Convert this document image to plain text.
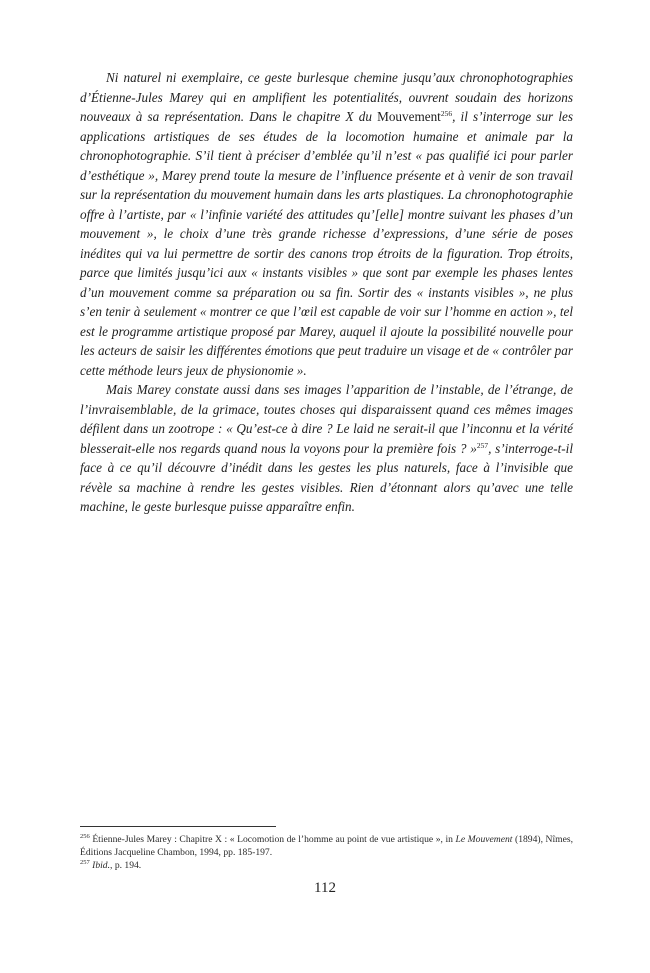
Ni naturel ni exemplaire, ce geste burlesque chemine jusqu’aux chronophotographies d’Étienne-Jules Marey qui en amplifient les potentialités, ouvrent soudain des horizons nouveaux à sa représentation. Dans le chapitre X du Mouvement$^{256}$, il s’interroge sur les applications artistiques de ses études de la locomotion humaine et animale par la chronophotographie. S’il tient à préciser d’emblée qu’il n’est « pas qualifié ici pour parler d’esthétique », Marey prend toute la mesure de l’influence présente et à venir de son travail sur la représentation du mouvement humain dans les arts plastiques. La chronophotographie offre à l’artiste, par « l’infinie variété des attitudes qu’[elle] montre suivant les phases d’un mouvement », le choix d’une très grande richesse d’expressions, d’une série de poses inédites qui va lui permettre de sortir des canons trop étroits de la figuration. Trop étroits, parce que limités jusqu’ici aux « instants visibles » que sont par exemple les phases lentes d’un mouvement comme sa préparation ou sa fin. Sortir des « instants visibles », ne plus s’en tenir à seulement « montrer ce que l’œil est capable de voir sur l’homme en action », tel est le programme artistique proposé par Marey, auquel il ajoute la possibilité nouvelle pour les acteurs de saisir les différentes émotions que peut traduire un visage et de « contrôler par cette méthode leurs jeux de physionomie ».

Mais Marey constate aussi dans ses images l’apparition de l’instable, de l’étrange, de l’invraisemblable, de la grimace, toutes choses qui disparaissent quand ces mêmes images défilent dans un zootrope : « Qu’est-ce à dire ? Le laid ne serait-il que l’inconnu et la vérité blesserait-elle nos regards quand nous la voyons pour la première fois ? »$^{257}$, s’interroge-t-il face à ce qu’il découvre d’inédit dans les gestes les plus naturels, face à l’invisible que révèle sa machine à rendre les gestes visibles. Rien d’étonnant alors qu’avec une telle machine, le geste burlesque puisse apparaître enfin.

$^{256}$ Étienne-Jules Marey : Chapitre X : « Locomotion de l’homme au point de vue artistique », in Le Mouvement (1894), Nîmes, Éditions Jacqueline Chambon, 1994, pp. 185-197.

$^{257}$ Ibid., p. 194.

112
